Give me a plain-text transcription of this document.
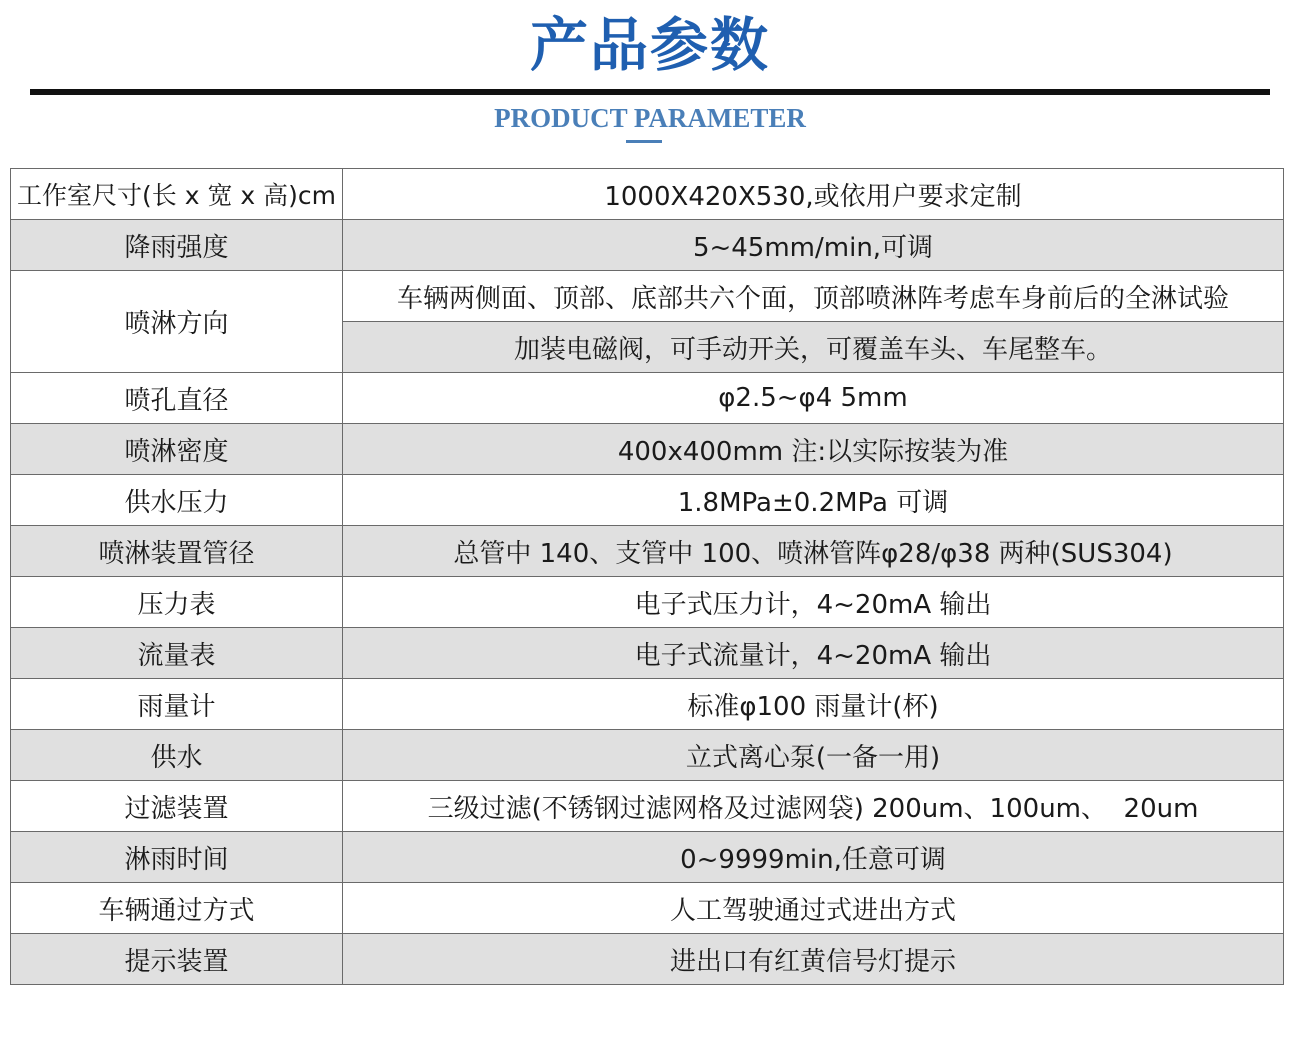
产品参数
PRODUCT PARAMETER
工作室尺寸(长 x 宽 x 高)cm	1000X420X530,或依用户要求定制
降雨强度	5~45mm/min,可调
喷淋方向	车辆两侧面、顶部、底部共六个面，顶部喷淋阵考虑车身前后的全淋试验
	加装电磁阀，可手动开关，可覆盖车头、车尾整车。
喷孔直径	φ2.5~φ4 5mm
喷淋密度	400x400mm 注:以实际按装为准
供水压力	1.8MPa±0.2MPa 可调
喷淋装置管径	总管中 140、支管中 100、喷淋管阵φ28/φ38 两种(SUS304)
压力表	电子式压力计，4~20mA 输出
流量表	电子式流量计，4~20mA 输出
雨量计	标准φ100 雨量计(杯)
供水	立式离心泵(一备一用)
过滤装置	三级过滤(不锈钢过滤网格及过滤网袋) 200um、100um、  20um
淋雨时间	0~9999min,任意可调
车辆通过方式	人工驾驶通过式进出方式
提示装置	进出口有红黄信号灯提示
